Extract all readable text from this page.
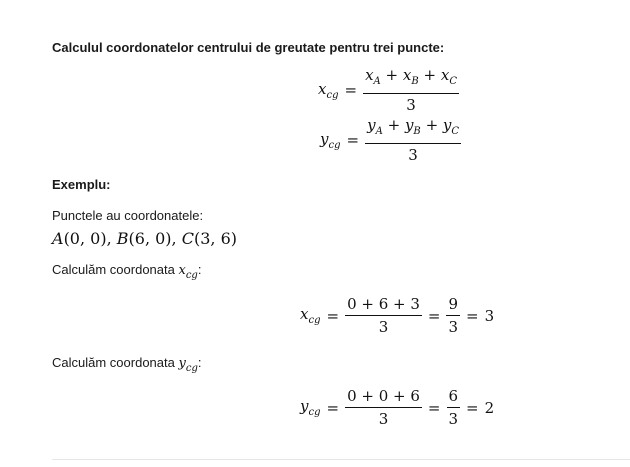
Calculul coordonatelor centrului de greutate pentru trei puncte:
$x_{cg} = \frac{x_A + x_B + x_C}{3}$
$y_{cg} = \frac{y_A + y_B + y_C}{3}$
Exemplu:
Punctele au coordonatele:
A(0, 0), B(6, 0), C(3, 6)
Calculăm coordonata $x_{cg}$:
$x_{cg} = \frac{0 + 6 + 3}{3} = \frac{9}{3} = 3$
Calculăm coordonata $y_{cg}$:
$y_{cg} = \frac{0 + 0 + 6}{3} = \frac{6}{3} = 2$
